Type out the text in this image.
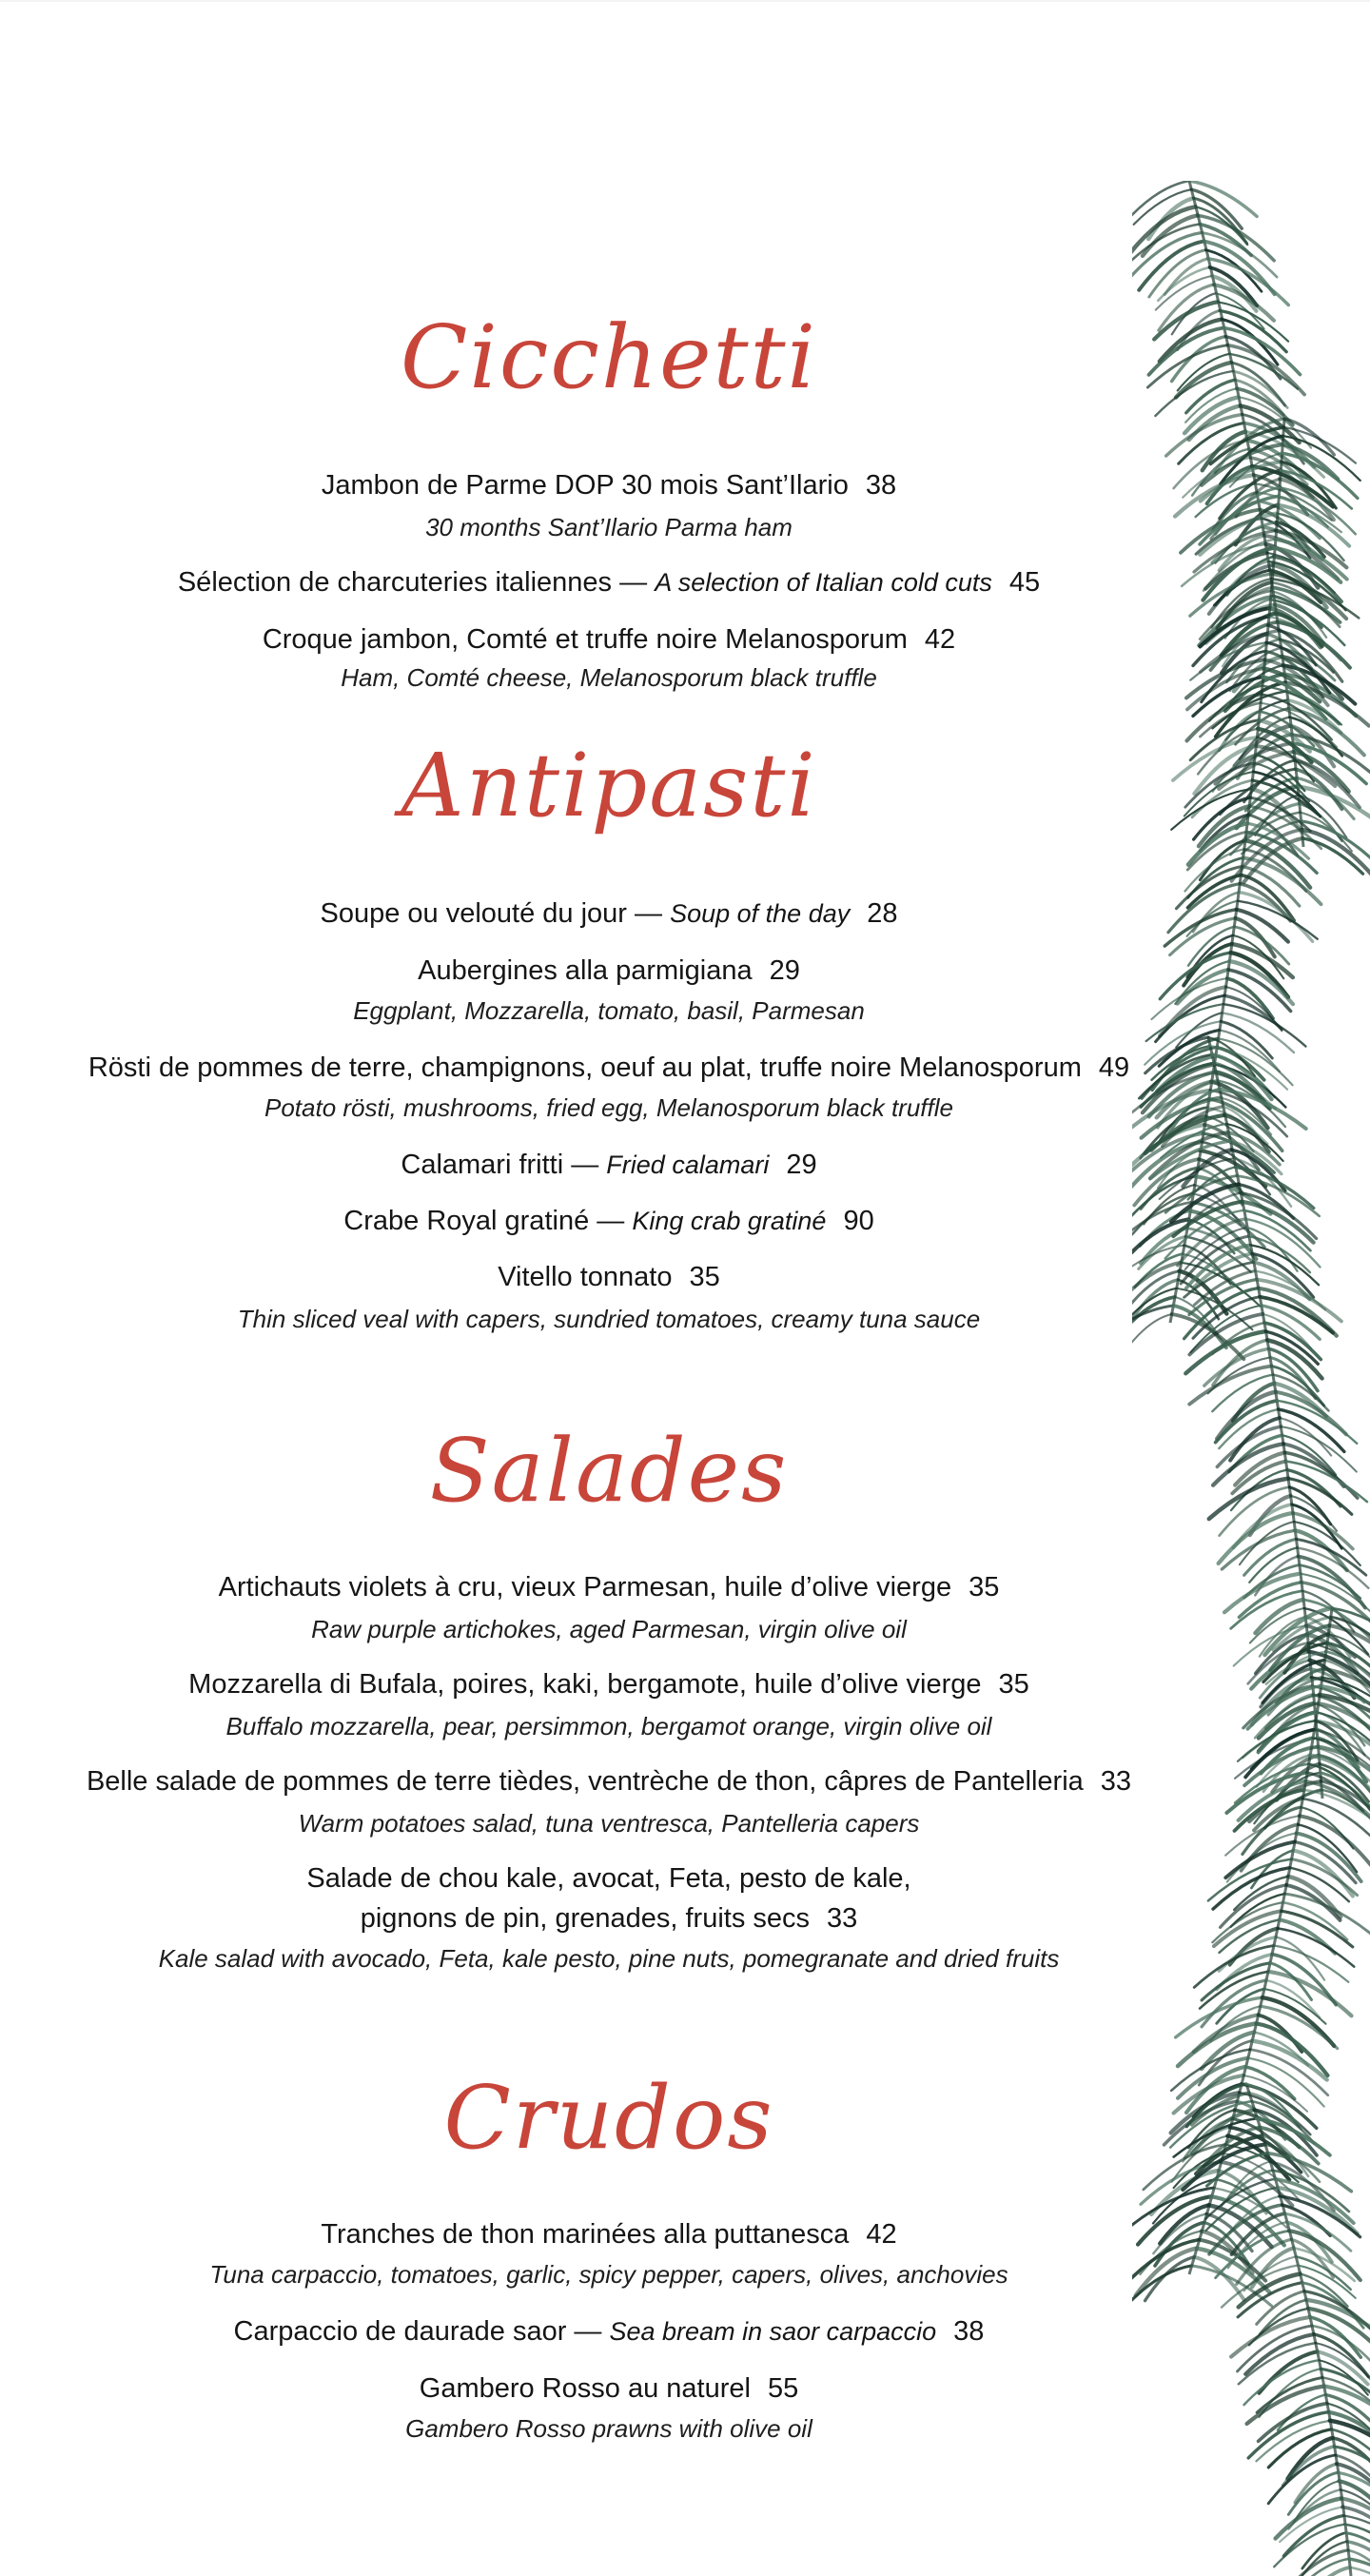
Cicchetti
Jambon de Parme DOP 30 mois Sant’Ilario 38
30 months Sant’Ilario Parma ham
Sélection de charcuteries italiennes — A selection of Italian cold cuts 45
Croque jambon, Comté et truffe noire Melanosporum 42
Ham, Comté cheese, Melanosporum black truffle
Antipasti
Soupe ou velouté du jour — Soup of the day 28
Aubergines alla parmigiana 29
Eggplant, Mozzarella, tomato, basil, Parmesan
Rösti de pommes de terre, champignons, oeuf au plat, truffe noire Melanosporum 49
Potato rösti, mushrooms, fried egg, Melanosporum black truffle
Calamari fritti — Fried calamari 29
Crabe Royal gratiné — King crab gratiné 90
Vitello tonnato 35
Thin sliced veal with capers, sundried tomatoes, creamy tuna sauce
Salades
Artichauts violets à cru, vieux Parmesan, huile d’olive vierge 35
Raw purple artichokes, aged Parmesan, virgin olive oil
Mozzarella di Bufala, poires, kaki, bergamote, huile d’olive vierge 35
Buffalo mozzarella, pear, persimmon, bergamot orange, virgin olive oil
Belle salade de pommes de terre tièdes, ventrèche de thon, câpres de Pantelleria 33
Warm potatoes salad, tuna ventresca, Pantelleria capers
Salade de chou kale, avocat, Feta, pesto de kale,
pignons de pin, grenades, fruits secs 33
Kale salad with avocado, Feta, kale pesto, pine nuts, pomegranate and dried fruits
Crudos
Tranches de thon marinées alla puttanesca 42
Tuna carpaccio, tomatoes, garlic, spicy pepper, capers, olives, anchovies
Carpaccio de daurade saor — Sea bream in saor carpaccio 38
Gambero Rosso au naturel 55
Gambero Rosso prawns with olive oil
